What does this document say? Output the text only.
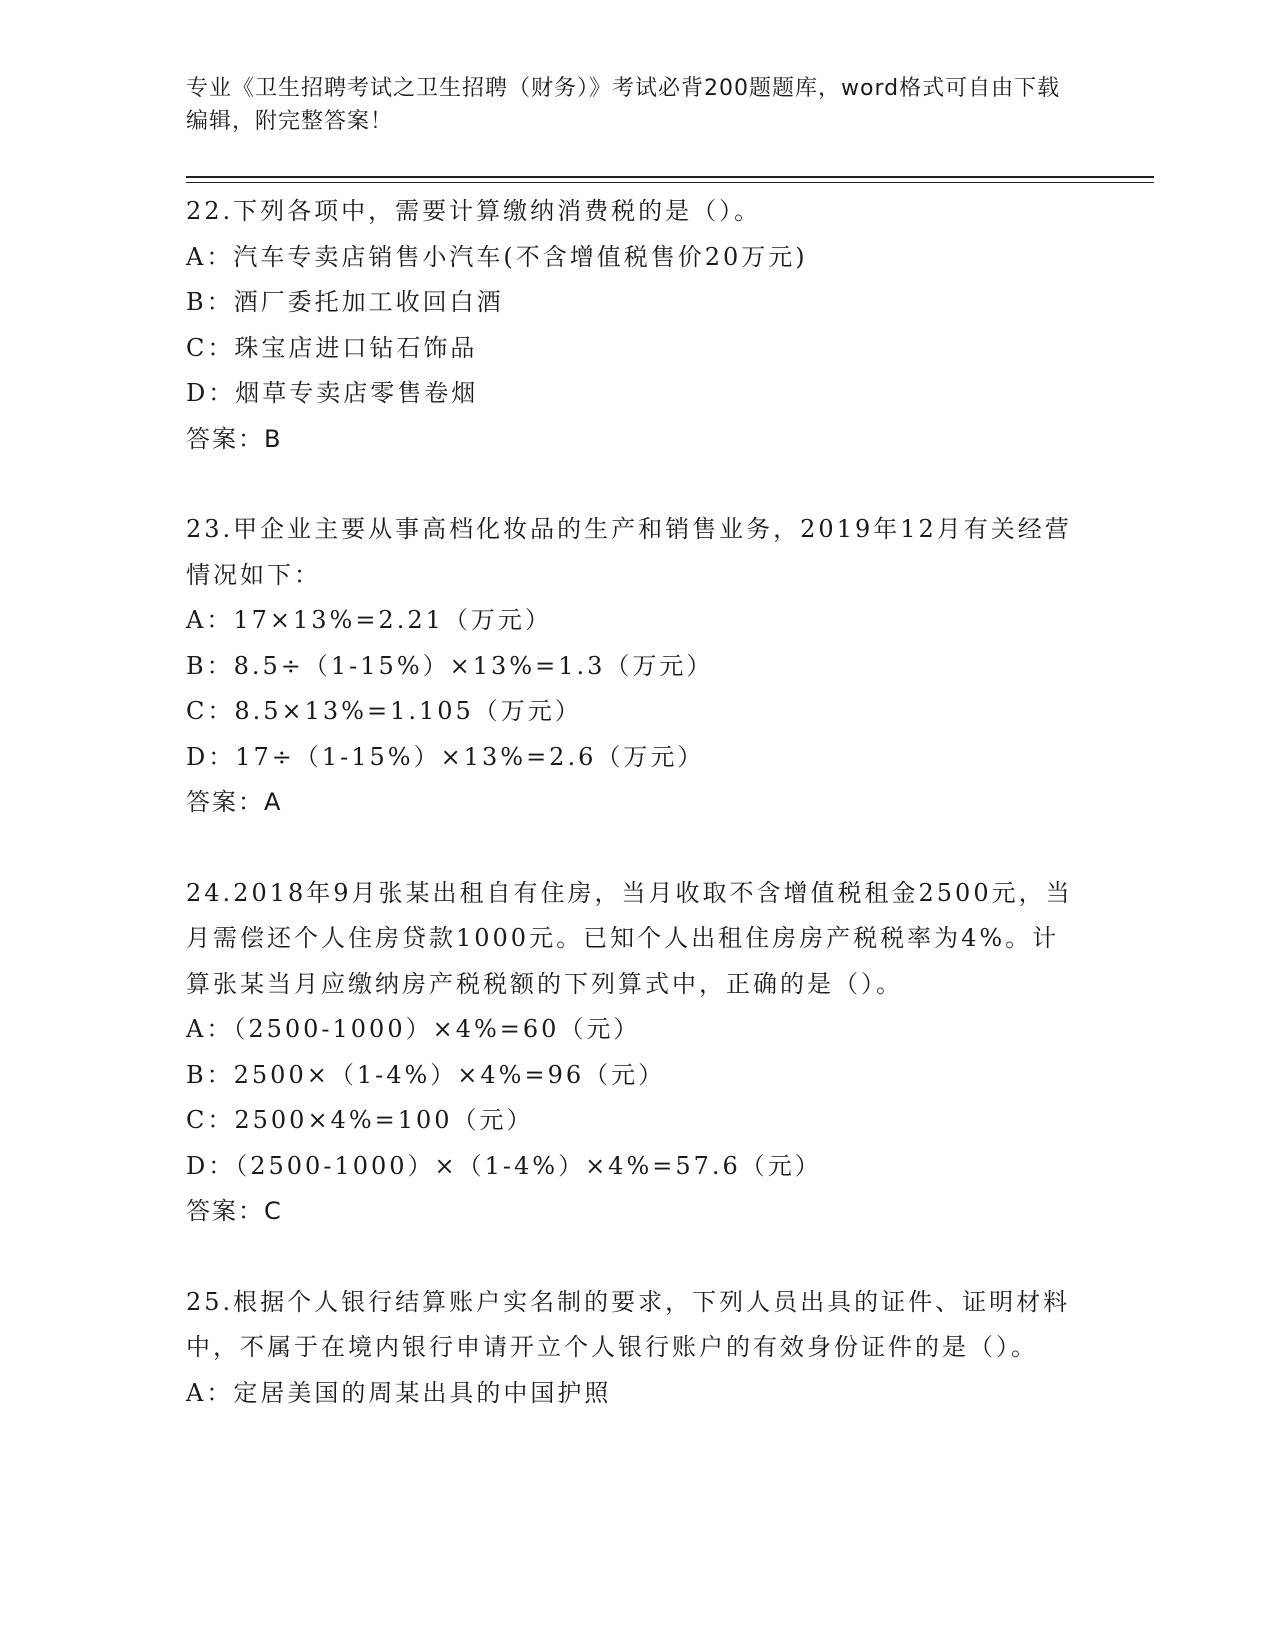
专业《卫生招聘考试之卫生招聘（财务）》考试必背200题题库，word格式可自由下载编辑，附完整答案！

22.下列各项中，需要计算缴纳消费税的是（）。

A：汽车专卖店销售小汽车(不含增值税售价20万元)

B：酒厂委托加工收回白酒

C：珠宝店进口钻石饰品

D：烟草专卖店零售卷烟

答案：B

23.甲企业主要从事高档化妆品的生产和销售业务，2019年12月有关经营情况如下：

A：17×13%=2.21（万元）

B：8.5÷（1-15%）×13%=1.3（万元）

C：8.5×13%=1.105（万元）

D：17÷（1-15%）×13%=2.6（万元）

答案：A

24.2018年9月张某出租自有住房，当月收取不含增值税租金2500元，当月需偿还个人住房贷款1000元。已知个人出租住房房产税税率为4%。计算张某当月应缴纳房产税税额的下列算式中，正确的是（）。

A：（2500-1000）×4%=60（元）

B：2500×（1-4%）×4%=96（元）

C：2500×4%=100（元）

D：（2500-1000）×（1-4%）×4%=57.6（元）

答案：C

25.根据个人银行结算账户实名制的要求，下列人员出具的证件、证明材料中，不属于在境内银行申请开立个人银行账户的有效身份证件的是（）。

A：定居美国的周某出具的中国护照
